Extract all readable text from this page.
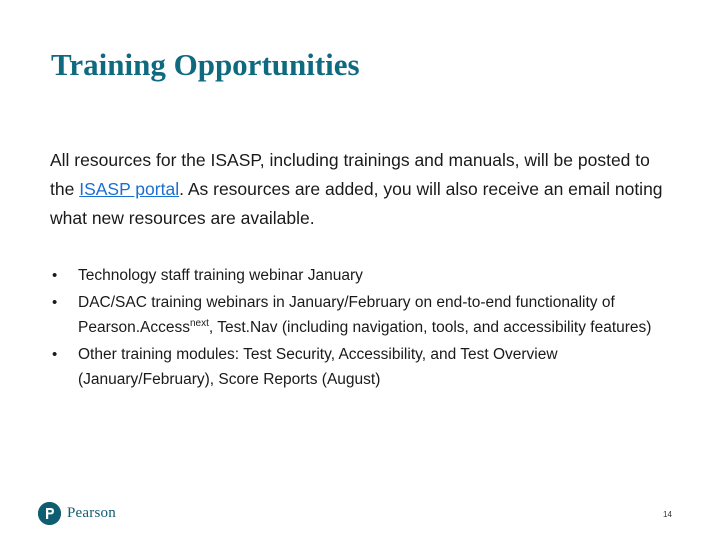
Training Opportunities

All resources for the ISASP, including trainings and manuals, will be posted to the ISASP portal. As resources are added, you will also receive an email noting what new resources are available.

• Technology staff training webinar January
• DAC/SAC training webinars in January/February on end-to-end functionality of Pearson.Access$^{next}$, Test.Nav (including navigation, tools, and accessibility features)
• Other training modules: Test Security, Accessibility, and Test Overview (January/February), Score Reports (August)
Pearson	14
